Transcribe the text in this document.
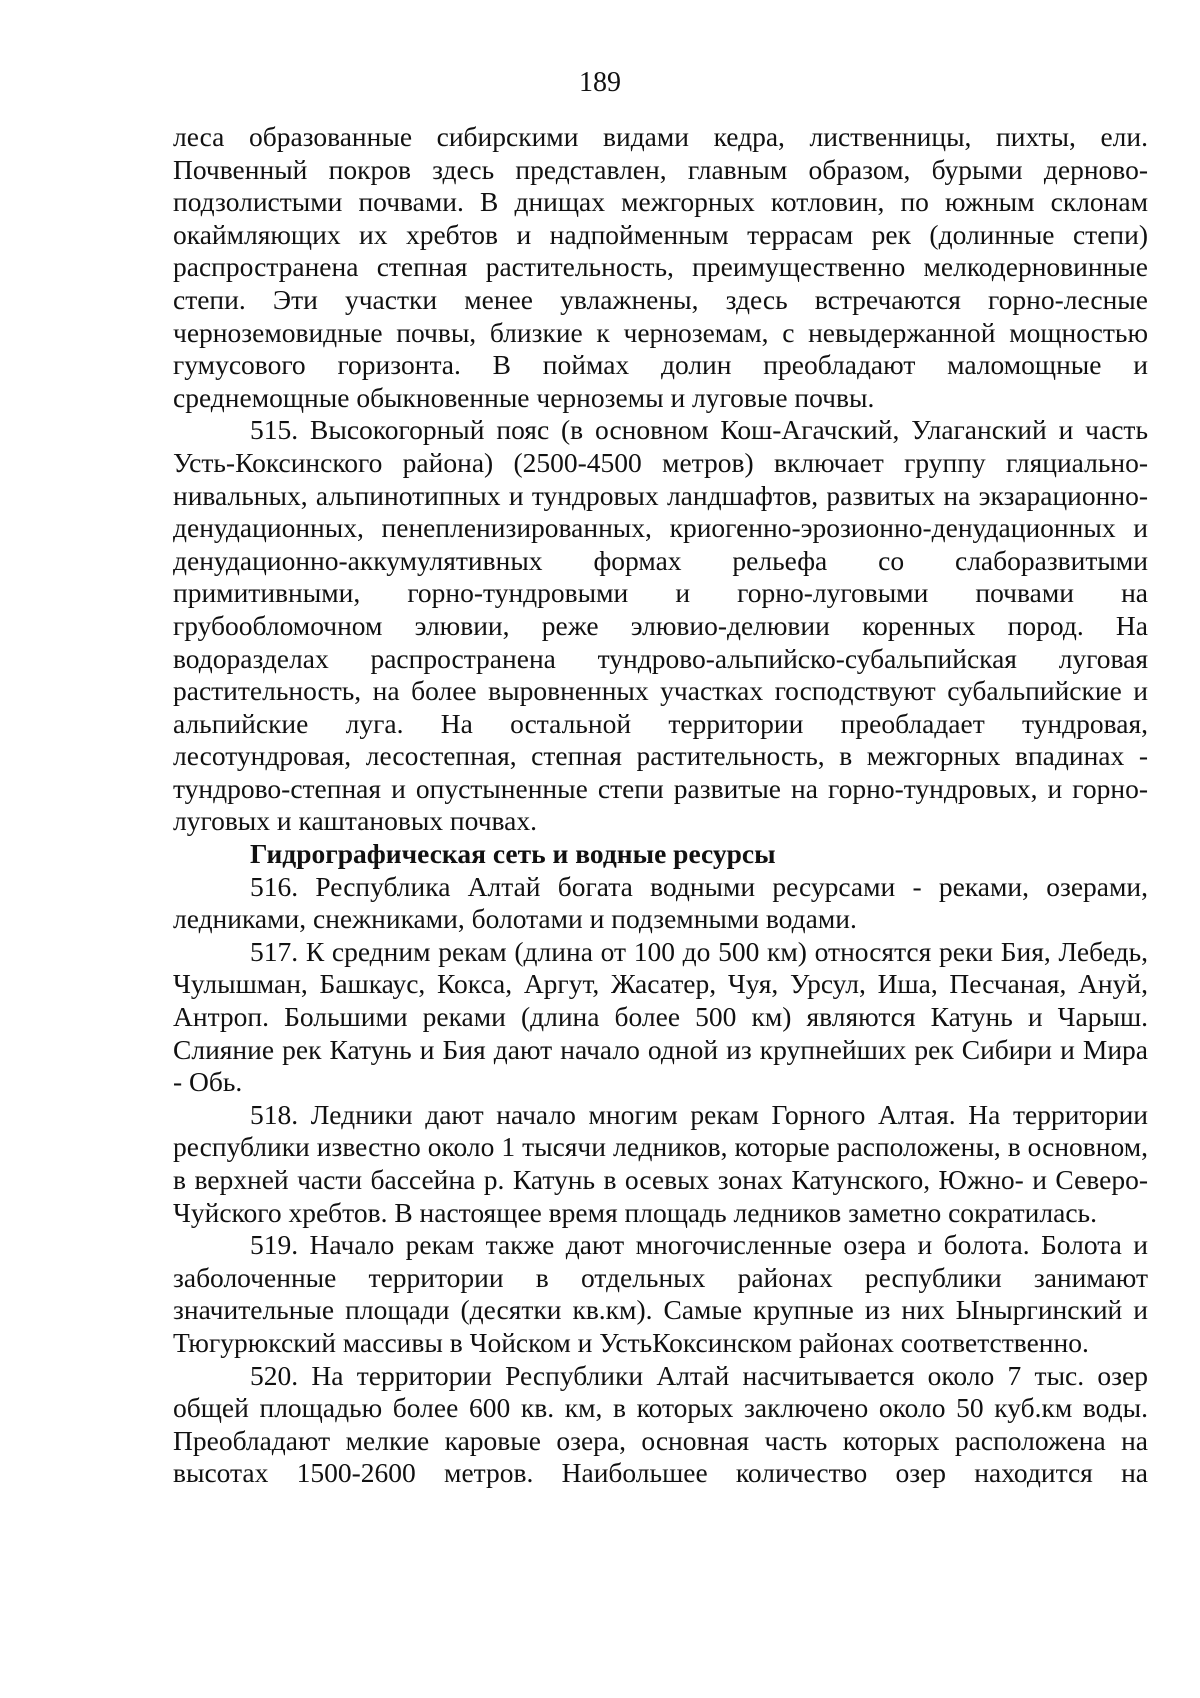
189

леса образованные сибирскими видами кедра, лиственницы, пихты, ели. Почвенный покров здесь представлен, главным образом, бурыми дерново-подзолистыми почвами. В днищах межгорных котловин, по южным склонам окаймляющих их хребтов и надпойменным террасам рек (долинные степи) распространена степная растительность, преимущественно мелкодерновинные степи. Эти участки менее увлажнены, здесь встречаются горно-лесные черноземовидные почвы, близкие к черноземам, с невыдержанной мощностью гумусового горизонта. В поймах долин преобладают маломощные и среднемощные обыкновенные черноземы и луговые почвы.

515. Высокогорный пояс (в основном Кош-Агачский, Улаганский и часть Усть-Коксинского района) (2500-4500 метров) включает группу гляциально-нивальных, альпинотипных и тундровых ландшафтов, развитых на экзарационно-денудационных, пенепленизированных, криогенно-эрозионно-денудационных и денудационно-аккумулятивных формах рельефа со слаборазвитыми примитивными, горно-тундровыми и горно-луговыми почвами на грубообломочном элювии, реже элювио-делювии коренных пород. На водоразделах распространена тундрово-альпийско-субальпийская луговая растительность, на более выровненных участках господствуют субальпийские и альпийские луга. На остальной территории преобладает тундровая, лесотундровая, лесостепная, степная растительность, в межгорных впадинах - тундрово-степная и опустыненные степи развитые на горно-тундровых, и горно-луговых и каштановых почвах.

Гидрографическая сеть и водные ресурсы

516. Республика Алтай богата водными ресурсами - реками, озерами, ледниками, снежниками, болотами и подземными водами.

517. К средним рекам (длина от 100 до 500 км) относятся реки Бия, Лебедь, Чулышман, Башкаус, Кокса, Аргут, Жасатер, Чуя, Урсул, Иша, Песчаная, Ануй, Антроп. Большими реками (длина более 500 км) являются Катунь и Чарыш. Слияние рек Катунь и Бия дают начало одной из крупнейших рек Сибири и Мира - Обь.

518. Ледники дают начало многим рекам Горного Алтая. На территории республики известно около 1 тысячи ледников, которые расположены, в основном, в верхней части бассейна р. Катунь в осевых зонах Катунского, Южно- и Северо-Чуйского хребтов. В настоящее время площадь ледников заметно сократилась.

519. Начало рекам также дают многочисленные озера и болота. Болота и заболоченные территории в отдельных районах республики занимают значительные площади (десятки кв.км). Самые крупные из них Ыныргинский и Тюгурюкский массивы в Чойском и УстьКоксинском районах соответственно.

520. На территории Республики Алтай насчитывается около 7 тыс. озер общей площадью более 600 кв. км, в которых заключено около 50 куб.км воды. Преобладают мелкие каровые озера, основная часть которых расположена на высотах 1500-2600 метров. Наибольшее количество озер находится на
